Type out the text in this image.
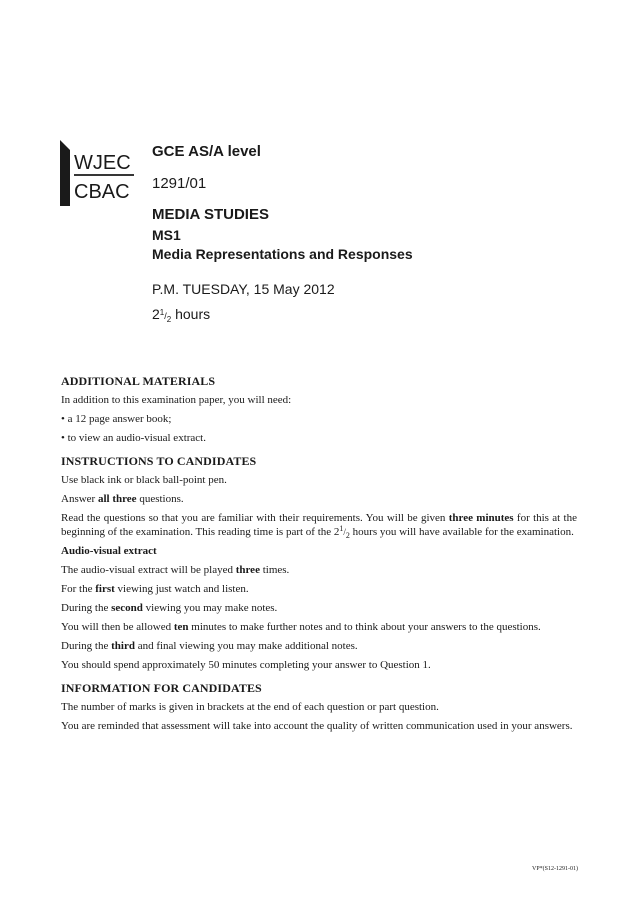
WJEC
CBAC
GCE AS/A level
1291/01
MEDIA STUDIES
MS1
Media Representations and Responses
P.M. TUESDAY, 15 May 2012
$2^1/_2$ hours
ADDITIONAL MATERIALS

In addition to this examination paper, you will need:

• a 12 page answer book;
• to view an audio-visual extract.
INSTRUCTIONS TO CANDIDATES

Use black ink or black ball-point pen.

Answer all three questions.

Read the questions so that you are familiar with their requirements. You will be given three minutes for this at the beginning of the examination. This reading time is part of the $2^1/_2$ hours you will have available for the examination.

Audio-visual extract

The audio-visual extract will be played three times.

For the first viewing just watch and listen.

During the second viewing you may make notes.

You will then be allowed ten minutes to make further notes and to think about your answers to the questions.

During the third and final viewing you may make additional notes.

You should spend approximately 50 minutes completing your answer to Question 1.

INFORMATION FOR CANDIDATES

The number of marks is given in brackets at the end of each question or part question.

You are reminded that assessment will take into account the quality of written communication used in your answers.

VP*(S12-1291-01)
